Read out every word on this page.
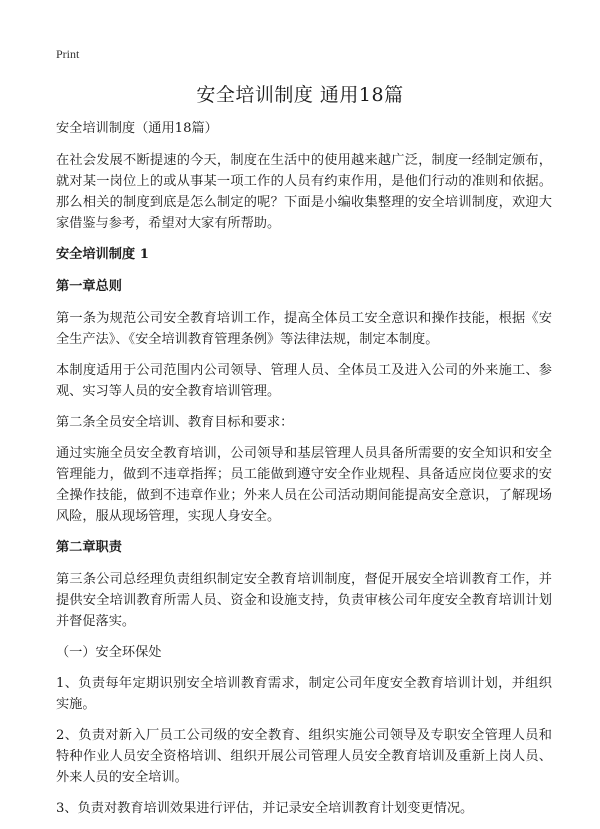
Print
安全培训制度 通用18篇

安全培训制度（通用18篇）

在社会发展不断提速的今天，制度在生活中的使用越来越广泛，制度一经制定颁布，就对某一岗位上的或从事某一项工作的人员有约束作用，是他们行动的准则和依据。那么相关的制度到底是怎么制定的呢？下面是小编收集整理的安全培训制度，欢迎大家借鉴与参考，希望对大家有所帮助。

安全培训制度 1
第一章总则

第一条为规范公司安全教育培训工作，提高全体员工安全意识和操作技能，根据《安全生产法》、《安全培训教育管理条例》等法律法规，制定本制度。

本制度适用于公司范围内公司领导、管理人员、全体员工及进入公司的外来施工、参观、实习等人员的安全教育培训管理。

第二条全员安全培训、教育目标和要求：

通过实施全员安全教育培训，公司领导和基层管理人员具备所需要的安全知识和安全管理能力，做到不违章指挥；员工能做到遵守安全作业规程、具备适应岗位要求的安全操作技能，做到不违章作业；外来人员在公司活动期间能提高安全意识，了解现场风险，服从现场管理，实现人身安全。

第二章职责

第三条公司总经理负责组织制定安全教育培训制度，督促开展安全培训教育工作，并提供安全培训教育所需人员、资金和设施支持，负责审核公司年度安全教育培训计划并督促落实。

（一）安全环保处

1、负责每年定期识别安全培训教育需求，制定公司年度安全教育培训计划，并组织实施。

2、负责对新入厂员工公司级的安全教育、组织实施公司领导及专职安全管理人员和特种作业人员安全资格培训、组织开展公司管理人员安全教育培训及重新上岗人员、外来人员的安全培训。

3、负责对教育培训效果进行评估，并记录安全培训教育计划变更情况。
